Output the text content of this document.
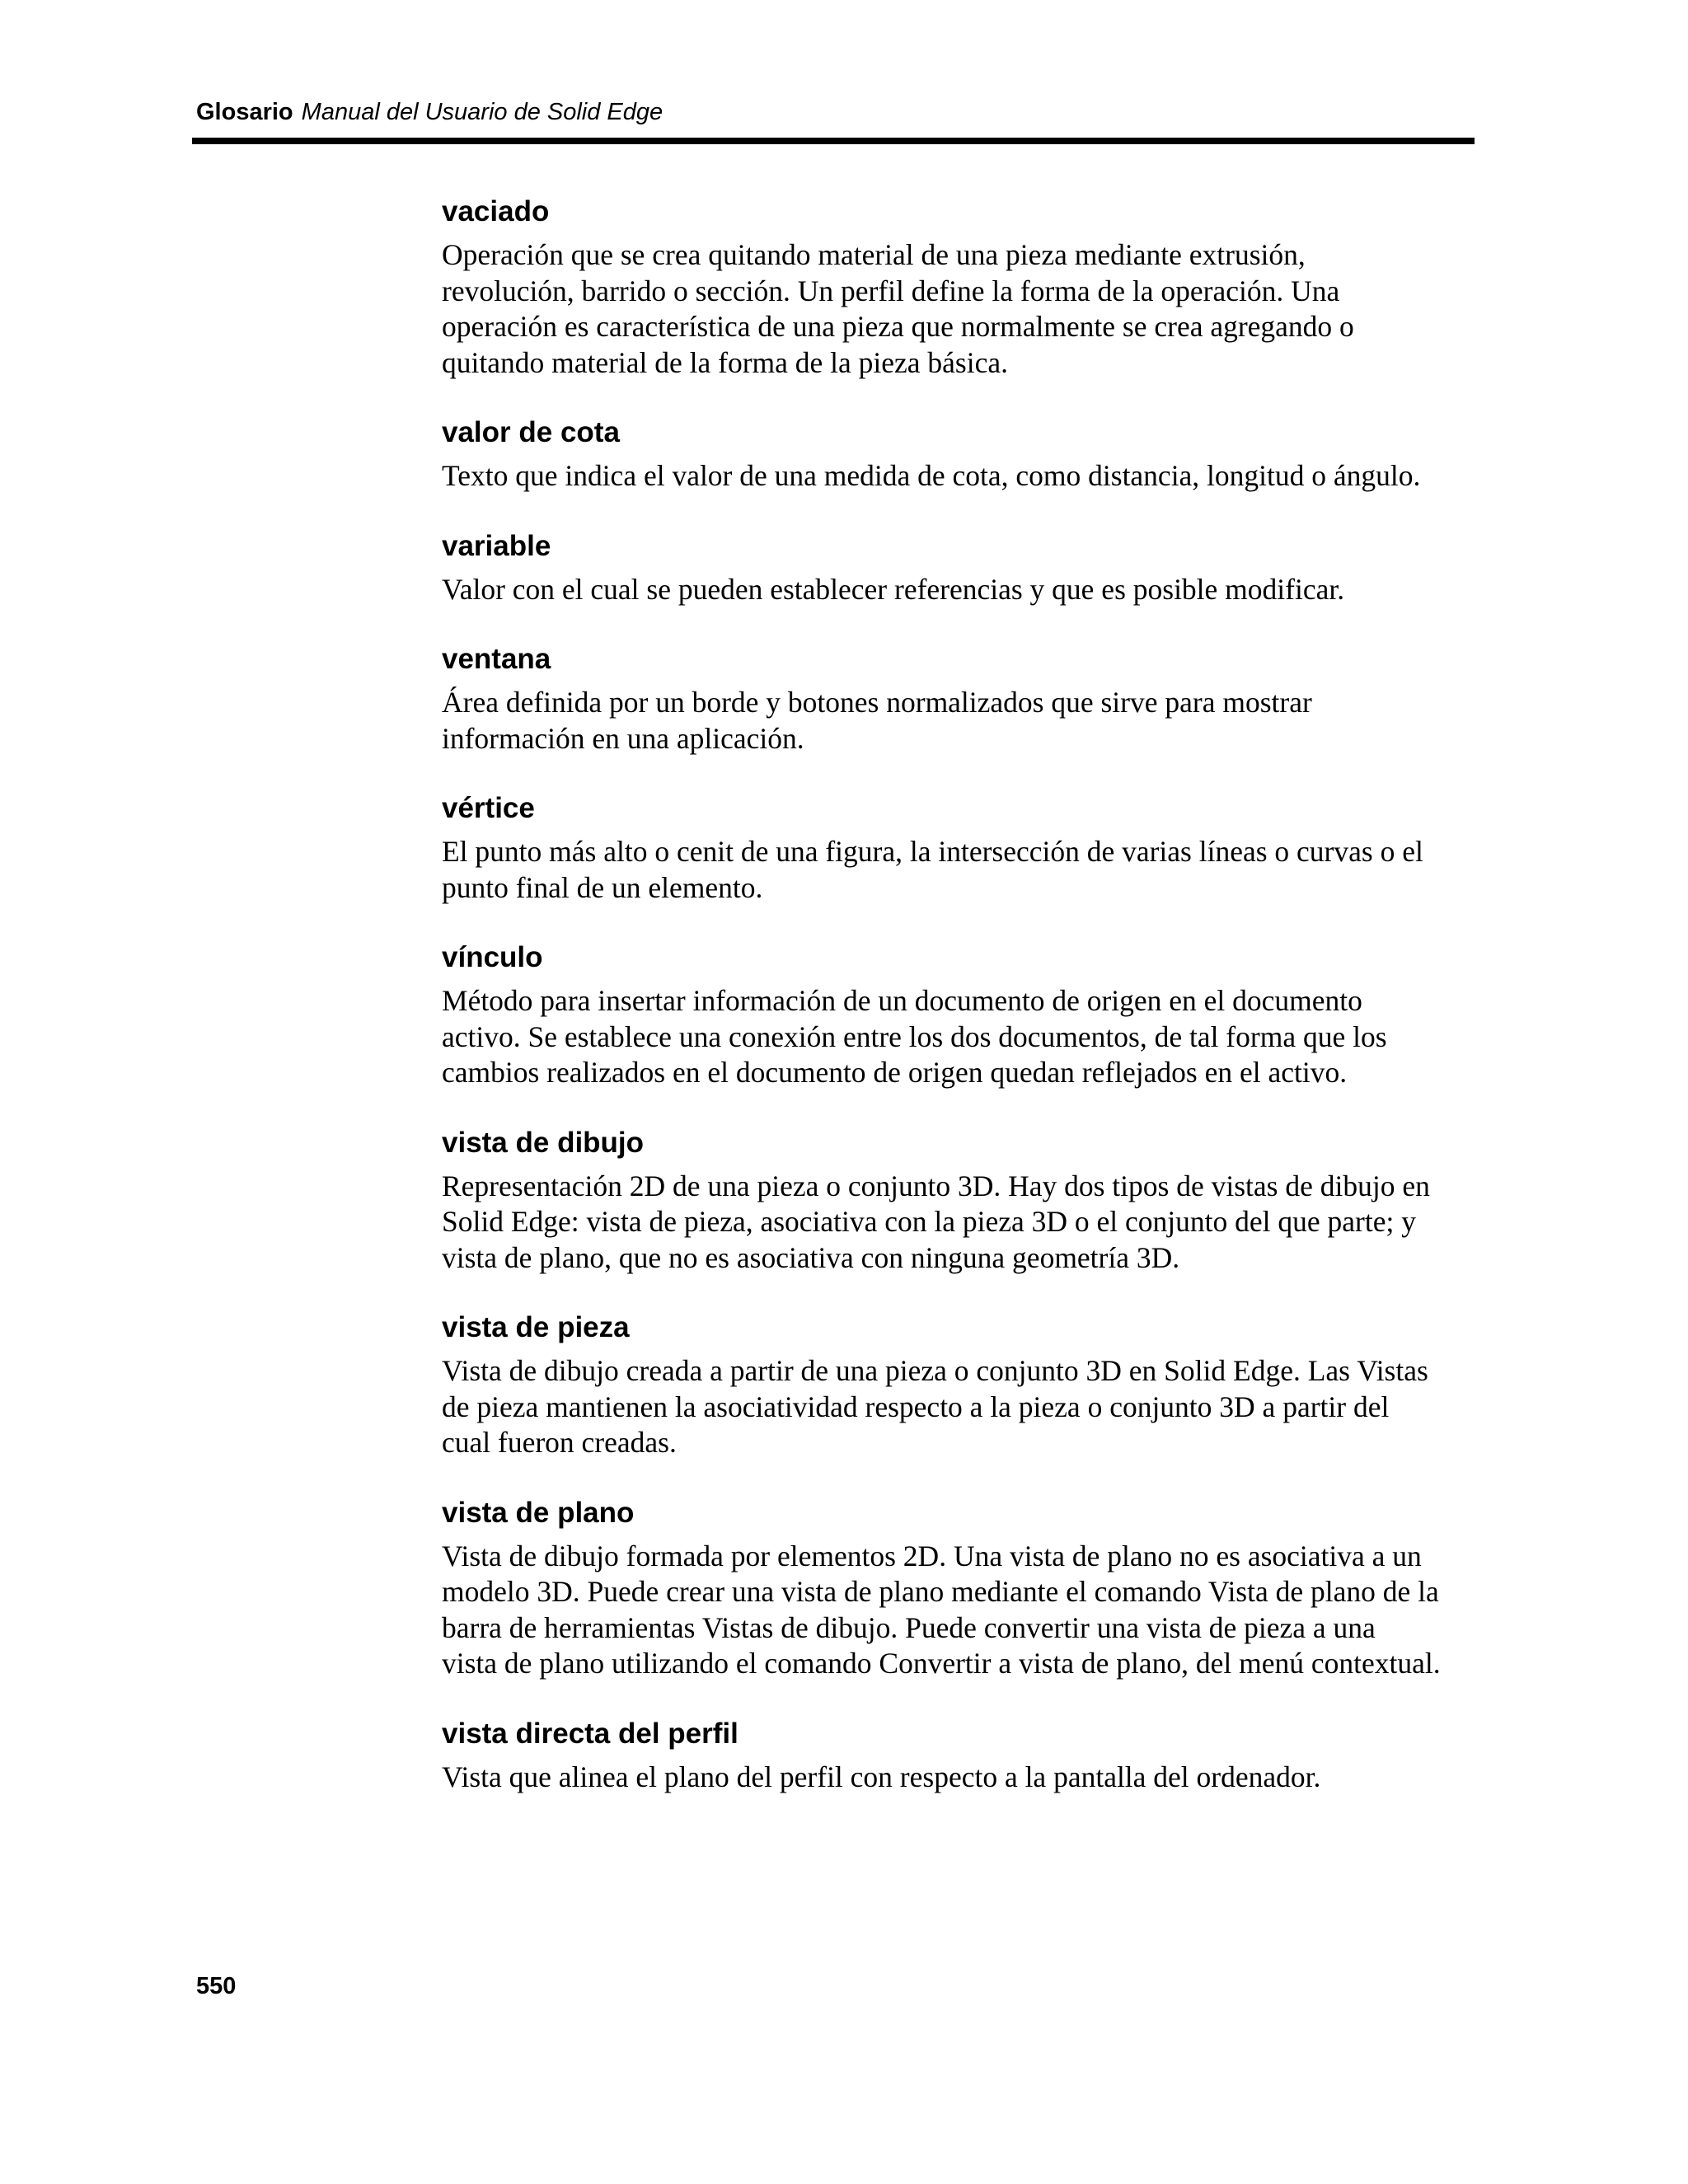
Glosario Manual del Usuario de Solid Edge
vaciado

Operación que se crea quitando material de una pieza mediante extrusión,
revolución, barrido o sección. Un perfil define la forma de la operación. Una
operación es característica de una pieza que normalmente se crea agregando o
quitando material de la forma de la pieza básica.

valor de cota

Texto que indica el valor de una medida de cota, como distancia, longitud o ángulo.

variable

Valor con el cual se pueden establecer referencias y que es posible modificar.

ventana

Área definida por un borde y botones normalizados que sirve para mostrar
información en una aplicación.

vértice

El punto más alto o cenit de una figura, la intersección de varias líneas o curvas o el
punto final de un elemento.

vínculo

Método para insertar información de un documento de origen en el documento
activo. Se establece una conexión entre los dos documentos, de tal forma que los
cambios realizados en el documento de origen quedan reflejados en el activo.

vista de dibujo

Representación 2D de una pieza o conjunto 3D. Hay dos tipos de vistas de dibujo en
Solid Edge: vista de pieza, asociativa con la pieza 3D o el conjunto del que parte; y
vista de plano, que no es asociativa con ninguna geometría 3D.

vista de pieza

Vista de dibujo creada a partir de una pieza o conjunto 3D en Solid Edge. Las Vistas
de pieza mantienen la asociatividad respecto a la pieza o conjunto 3D a partir del
cual fueron creadas.

vista de plano

Vista de dibujo formada por elementos 2D. Una vista de plano no es asociativa a un
modelo 3D. Puede crear una vista de plano mediante el comando Vista de plano de la
barra de herramientas Vistas de dibujo. Puede convertir una vista de pieza a una
vista de plano utilizando el comando Convertir a vista de plano, del menú contextual.

vista directa del perfil

Vista que alinea el plano del perfil con respecto a la pantalla del ordenador.

550
